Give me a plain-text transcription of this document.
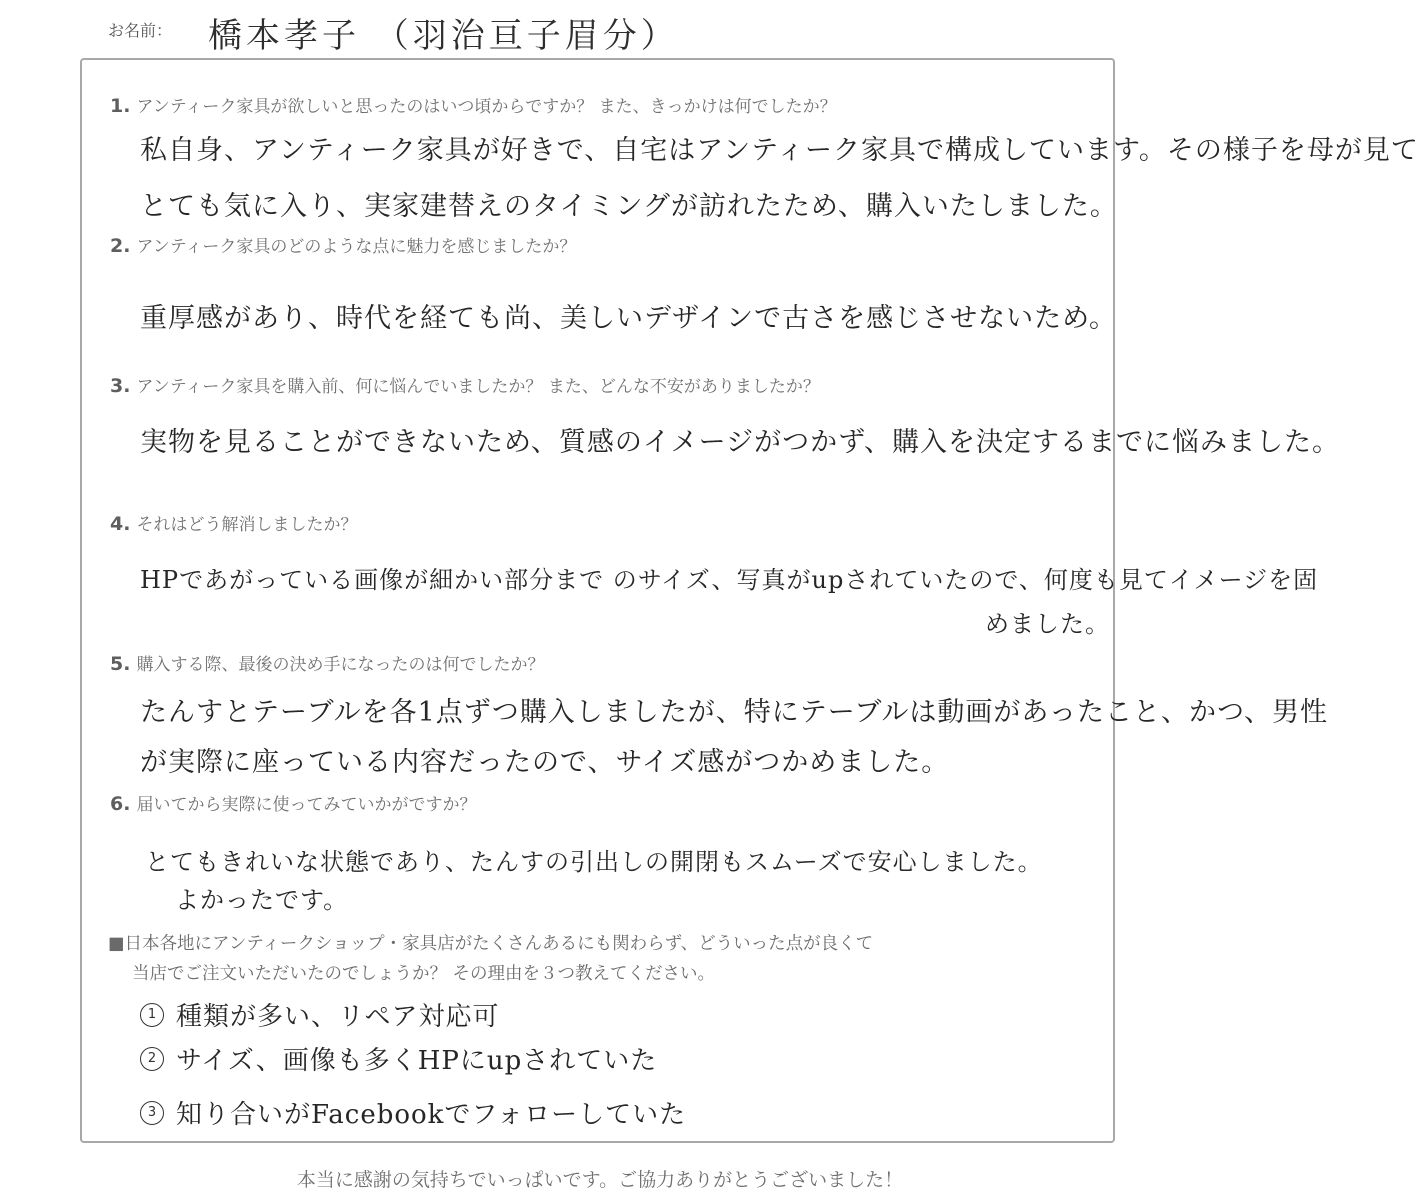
お名前： 橋本孝子 （羽治亘子眉分）
1. アンティーク家具が欲しいと思ったのはいつ頃からですか？ また、きっかけは何でしたか？
私自身、アンティーク家具が好きで、自宅はアンティーク家具で構成しています。その様子を母が見て
とても気に入り、実家建替えのタイミングが訪れたため、購入いたしました。
2. アンティーク家具のどのような点に魅力を感じましたか？
重厚感があり、時代を経ても尚、美しいデザインで古さを感じさせないため。
3. アンティーク家具を購入前、何に悩んでいましたか？ また、どんな不安がありましたか？
実物を見ることができないため、質感のイメージがつかず、購入を決定するまでに悩みました。
4. それはどう解消しましたか？
HPであがっている画像が細かい部分まで のサイズ、写真がupされていたので、何度も見てイメージを固
めました。
5. 購入する際、最後の決め手になったのは何でしたか？
たんすとテーブルを各1点ずつ購入しましたが、特にテーブルは動画があったこと、かつ、男性
が実際に座っている内容だったので、サイズ感がつかめました。
6. 届いてから実際に使ってみていかがですか？
とてもきれいな状態であり、たんすの引出しの開閉もスムーズで安心しました。
よかったです。
■日本各地にアンティークショップ・家具店がたくさんあるにも関わらず、どういった点が良くて
当店でご注文いただいたのでしょうか？ その理由を３つ教えてください。
1 種類が多い、リペア対応可
2 サイズ、画像も多くHPにupされていた
3 知り合いがFacebookでフォローしていた
本当に感謝の気持ちでいっぱいです。ご協力ありがとうございました！
